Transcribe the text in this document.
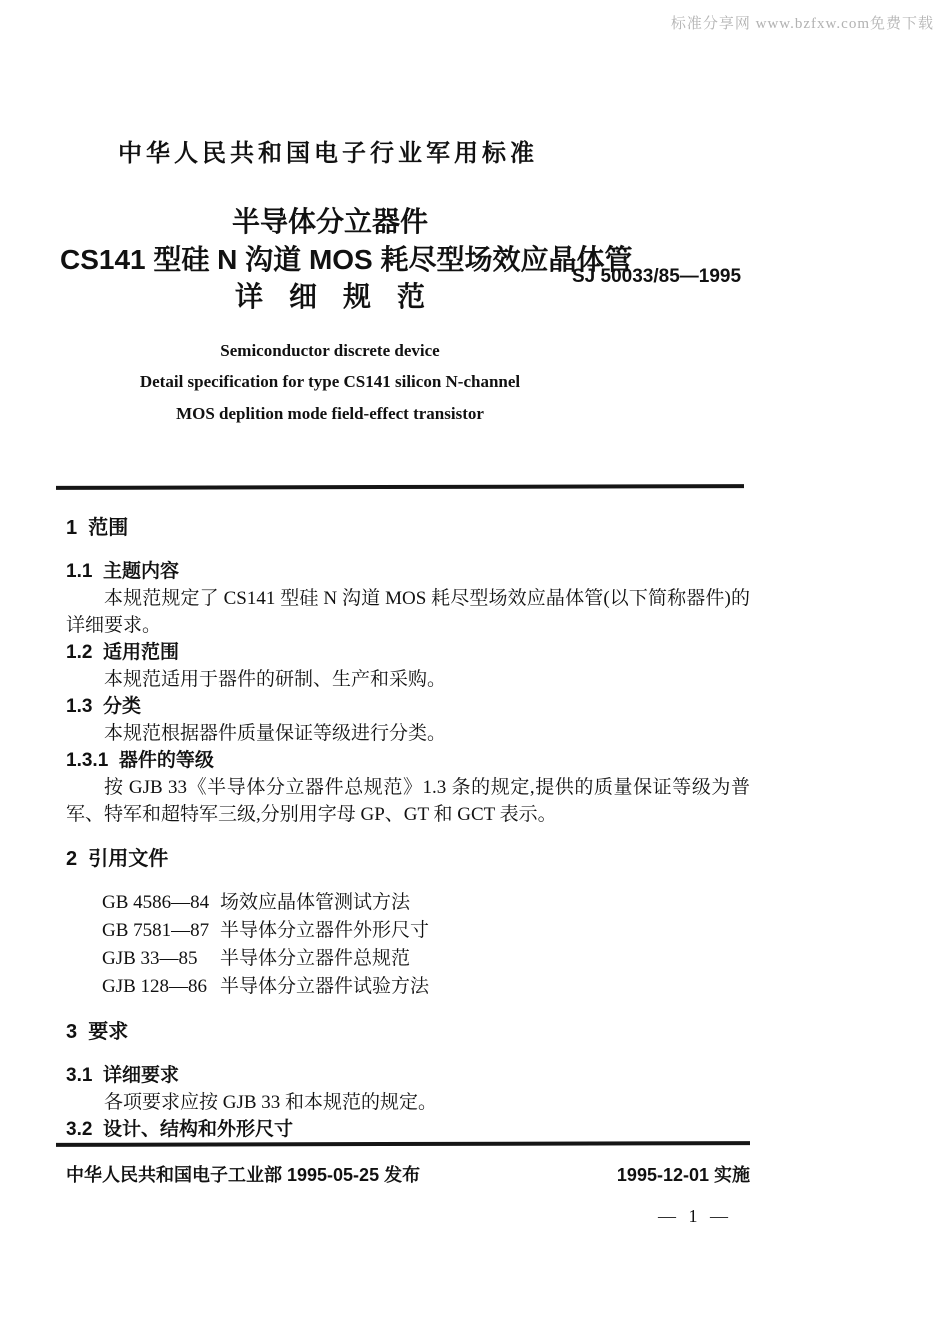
标准分享网 www.bzfxw.com免费下载
中华人民共和国电子行业军用标准
半导体分立器件
CS141 型硅 N 沟道 MOS 耗尽型场效应晶体管
详细规范
Semiconductor discrete device
Detail specification for type CS141 silicon N-channel
MOS deplition mode field-effect transistor
SJ 50033/85—1995
1  范围
1.1  主题内容

本规范规定了 CS141 型硅 N 沟道 MOS 耗尽型场效应晶体管(以下简称器件)的详细要求。

1.2  适用范围

本规范适用于器件的研制、生产和采购。

1.3  分类

本规范根据器件质量保证等级进行分类。

1.3.1  器件的等级

按 GJB 33《半导体分立器件总规范》1.3 条的规定,提供的质量保证等级为普军、特军和超特军三级,分别用字母 GP、GT 和 GCT 表示。

2  引用文件
GB 4586—84 场效应晶体管测试方法
GB 7581—87 半导体分立器件外形尺寸
GJB 33—85	半导体分立器件总规范
GJB 128—86 半导体分立器件试验方法
3  要求
3.1  详细要求

各项要求应按 GJB 33 和本规范的规定。

3.2  设计、结构和外形尺寸
中华人民共和国电子工业部 1995-05-25 发布	1995-12-01 实施
— 1 —
